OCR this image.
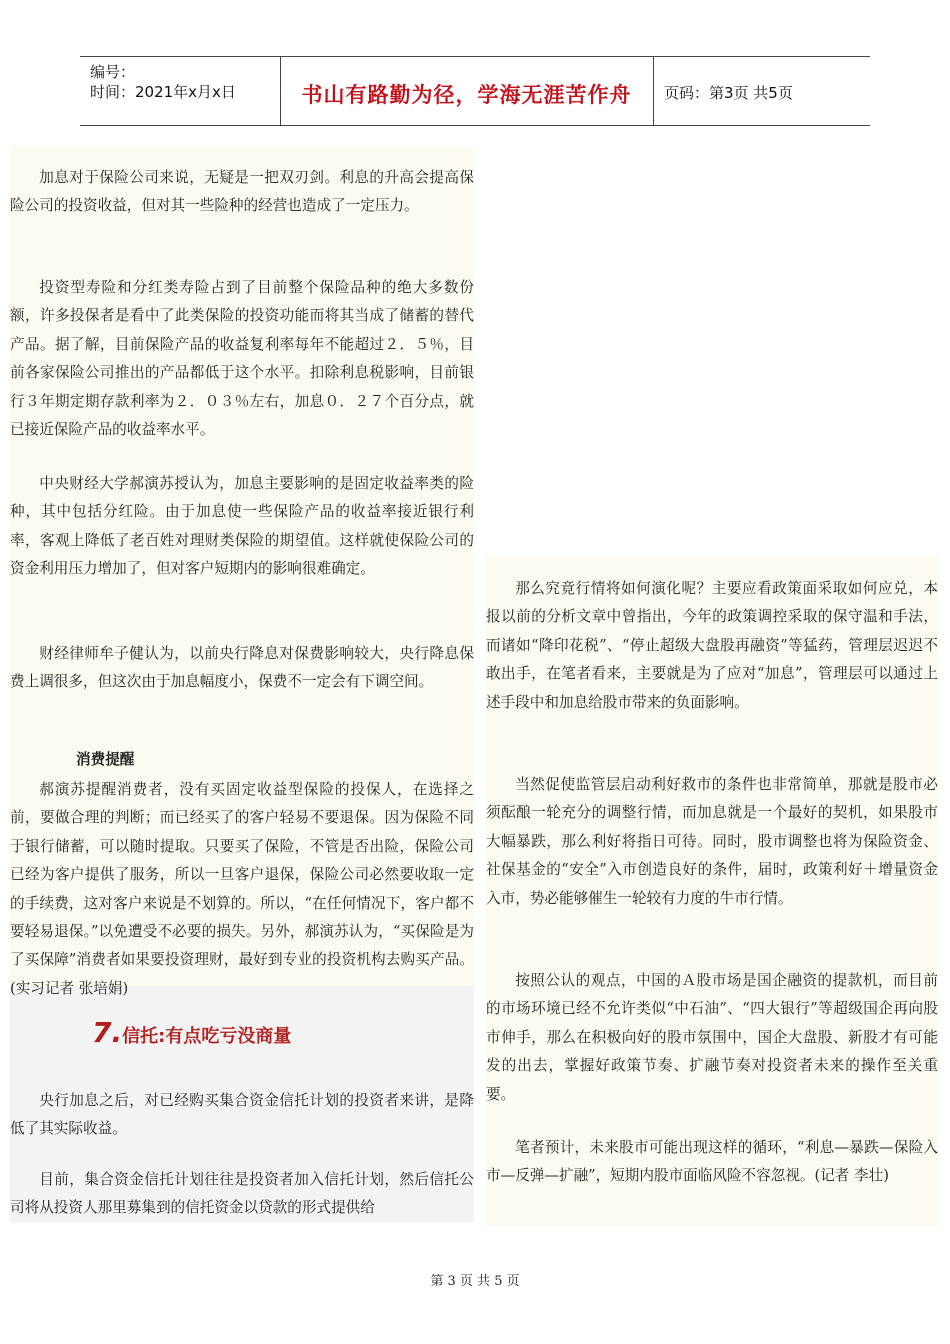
编号：
时间：2021年x月x日	书山有路勤为径，学海无涯苦作舟	页码：第3页 共5页

加息对于保险公司来说，无疑是一把双刃剑。利息的升高会提高保险公司的投资收益，但对其一些险种的经营也造成了一定压力。

投资型寿险和分红类寿险占到了目前整个保险品种的绝大多数份额，许多投保者是看中了此类保险的投资功能而将其当成了储蓄的替代产品。据了解，目前保险产品的收益复利率每年不能超过２．５％，目前各家保险公司推出的产品都低于这个水平。扣除利息税影响，目前银行３年期定期存款利率为２．０３％左右，加息０．２７个百分点，就已接近保险产品的收益率水平。

中央财经大学郝演苏授认为，加息主要影响的是固定收益率类的险种，其中包括分红险。由于加息使一些保险产品的收益率接近银行利率，客观上降低了老百姓对理财类保险的期望值。这样就使保险公司的资金利用压力增加了，但对客户短期内的影响很难确定。

财经律师牟子健认为，以前央行降息对保费影响较大，央行降息保费上调很多，但这次由于加息幅度小，保费不一定会有下调空间。

消费提醒

郝演苏提醒消费者，没有买固定收益型保险的投保人，在选择之前，要做合理的判断；而已经买了的客户轻易不要退保。因为保险不同于银行储蓄，可以随时提取。只要买了保险，不管是否出险，保险公司已经为客户提供了服务，所以一旦客户退保，保险公司必然要收取一定的手续费，这对客户来说是不划算的。所以，“在任何情况下，客户都不要轻易退保。”以免遭受不必要的损失。另外，郝演苏认为，“买保险是为了买保障”消费者如果要投资理财，最好到专业的投资机构去购买产品。(实习记者 张培娟)

7.信托:有点吃亏没商量

央行加息之后，对已经购买集合资金信托计划的投资者来讲，是降低了其实际收益。

目前，集合资金信托计划往往是投资者加入信托计划，然后信托公司将从投资人那里募集到的信托资金以贷款的形式提供给

那么究竟行情将如何演化呢？主要应看政策面采取如何应兑，本报以前的分析文章中曾指出，今年的政策调控采取的保守温和手法，而诸如“降印花税”、“停止超级大盘股再融资”等猛药，管理层迟迟不敢出手，在笔者看来，主要就是为了应对“加息”，管理层可以通过上述手段中和加息给股市带来的负面影响。

当然促使监管层启动利好救市的条件也非常简单，那就是股市必须酝酿一轮充分的调整行情，而加息就是一个最好的契机，如果股市大幅暴跌，那么利好将指日可待。同时，股市调整也将为保险资金、社保基金的“安全”入市创造良好的条件，届时，政策利好＋增量资金入市，势必能够催生一轮较有力度的牛市行情。

按照公认的观点，中国的Ａ股市场是国企融资的提款机，而目前的市场环境已经不允许类似“中石油”、“四大银行”等超级国企再向股市伸手，那么在积极向好的股市氛围中，国企大盘股、新股才有可能发的出去，掌握好政策节奏、扩融节奏对投资者未来的操作至关重要。

笔者预计，未来股市可能出现这样的循环，“利息—暴跌—保险入市—反弹—扩融”，短期内股市面临风险不容忽视。(记者 李壮)

第 3 页 共 5 页
